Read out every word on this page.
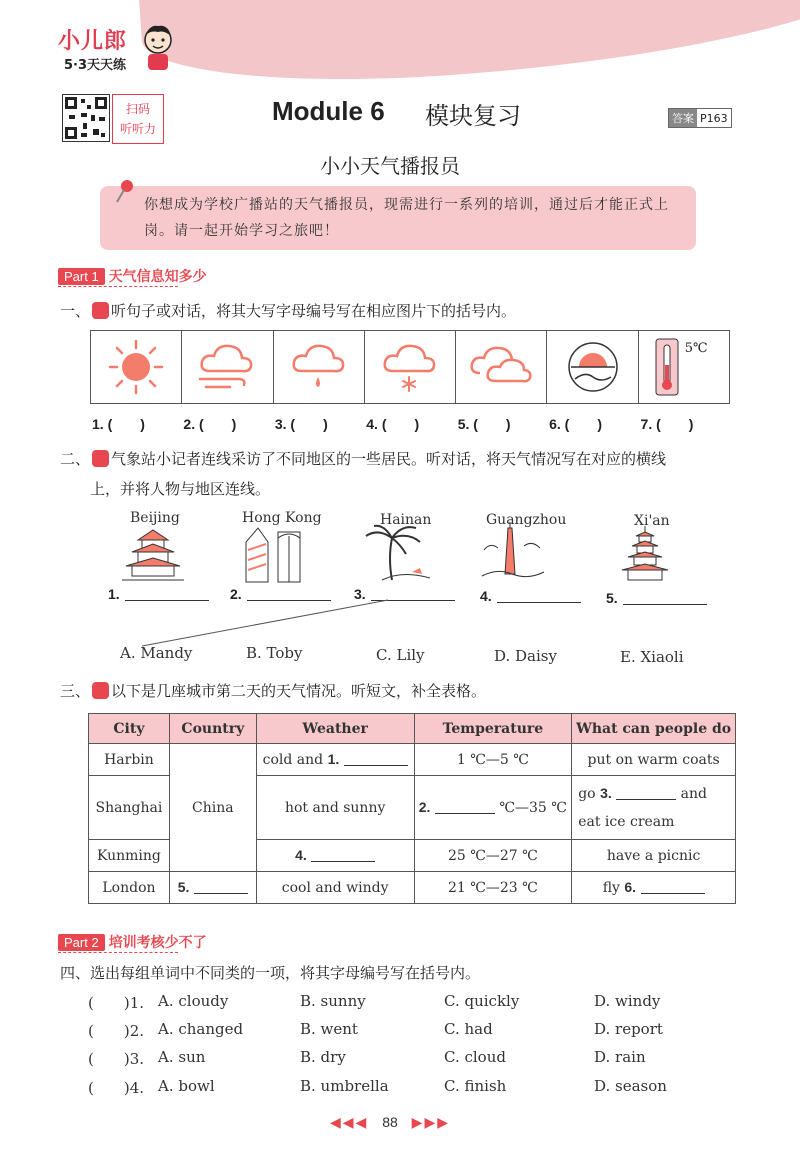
小儿郎
5·3天天练
扫码
听听力
Module 6 模块复习	答案 P163
小小天气播报员
你想成为学校广播站的天气播报员，现需进行一系列的培训，通过后才能正式上岗。请一起开始学习之旅吧！
Part 1 天气信息知多少
一、 听句子或对话，将其大写字母编号写在相应图片下的括号内。
5℃
1. (　　)	2. (　　)	3. (　　)	4. (　　)	5. (　　)	6. (　　)	7. (　　)
二、 气象站小记者连线采访了不同地区的一些居民。听对话，将天气情况写在对应的横线
上，并将人物与地区连线。
Beijing	Hong Kong	Hainan	Guangzhou	Xi'an
1.	2.	3.	4.	5.
A. Mandy	B. Toby	C. Lily	D. Daisy	E. Xiaoli
三、 以下是几座城市第二天的天气情况。听短文，补全表格。
City	Country	Weather	Temperature	What can people do
Harbin	China	cold and 1.	1 ℃—5 ℃	put on warm coats
Shanghai		hot and sunny	2. ℃—35 ℃	go 3. and
eat ice cream
Kunming		4.	25 ℃—27 ℃	have a picnic
London	5.	cool and windy	21 ℃—23 ℃	fly 6.
Part 2 培训考核少不了
四、选出每组单词中不同类的一项，将其字母编号写在括号内。
(　　)1. A. cloudy	B. sunny	C. quickly	D. windy
(　　)2. A. changed	B. went	C. had	D. report
(　　)3. A. sun	B. dry	C. cloud	D. rain
(　　)4. A. bowl	B. umbrella	C. finish	D. season
◀◀◀ 88 ▶▶▶
